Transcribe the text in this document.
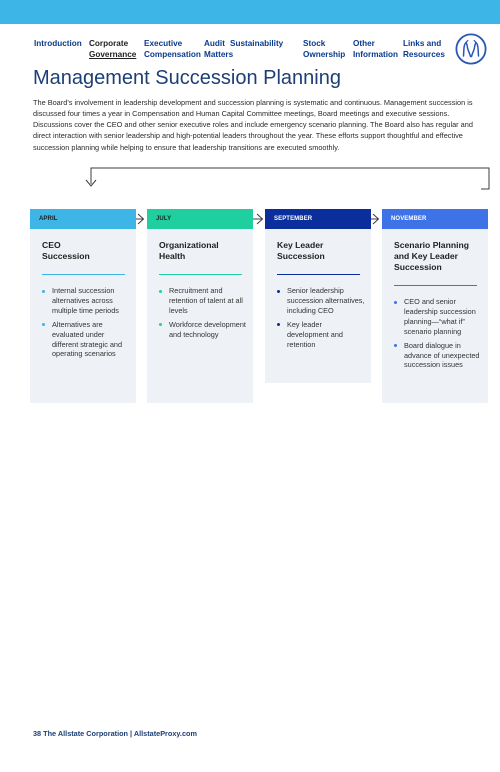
Introduction Corporate
Governance
Executive
Compensation
Audit
Matters
Sustainability Stock
Ownership
Other
Information
Links and
Resources
Management Succession Planning

The Board’s involvement in leadership development and succession planning is systematic and continuous. Management succession is discussed four times a year in Compensation and Human Capital Committee meetings, Board meetings and executive sessions. Discussions cover the CEO and other senior executive roles and include emergency scenario planning. The Board also has regular and direct interaction with senior leadership and high-potential leaders throughout the year. These efforts support thoughtful and effective succession planning while helping to ensure that leadership transitions are executed smoothly.

APRIL

CEO
Succession

Internal succession alternatives across multiple time periods
Alternatives are evaluated under different strategic and operating scenarios
JULY

Organizational
Health

Recruitment and retention of talent at all levels
Workforce development and technology
SEPTEMBER

Key Leader
Succession

Senior leadership succession alternatives, including CEO
Key leader development and retention
NOVEMBER

Scenario Planning
and Key Leader
Succession

CEO and senior leadership succession planning—“what if” scenario planning
Board dialogue in advance of unexpected succession issues
38 The Allstate Corporation | AllstateProxy.com
